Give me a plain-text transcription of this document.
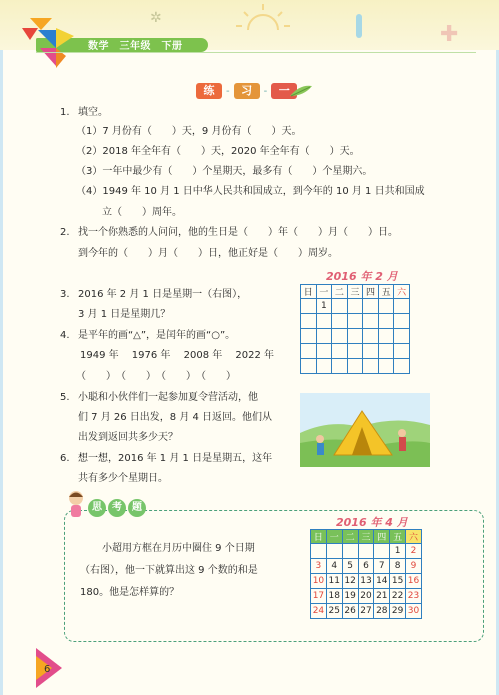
✲
✚
数学　三年级　下册
练	-	习	-	一
1. 填空。
（1）7 月份有（　　）天，9 月份有（　　）天。
（2）2018 年全年有（　　）天，2020 年全年有（　　）天。
（3）一年中最少有（　　）个星期天，最多有（　　）个星期六。
（4）1949 年 10 月 1 日中华人民共和国成立，到今年的 10 月 1 日共和国成
立（　　）周年。
2. 找一个你熟悉的人问问，他的生日是（　　）年（　　）月（　　）日。
到今年的（　　）月（　　）日，他正好是（　　）周岁。
3. 2016 年 2 月 1 日是星期一（右图），
3 月 1 日是星期几？
4. 是平年的画“△”，是闰年的画“○”。
1949 年　 1976 年　 2008 年　 2022 年
（　　）　（　　）　（　　）　（　　）
5. 小聪和小伙伴们一起参加夏令营活动，他
们 7 月 26 日出发，8 月 4 日返回。他们从
出发到返回共多少天？
6. 想一想，2016 年 1 月 1 日是星期五，这年
共有多少个星期日。
2016 年 2 月
日	一	二	三	四	五	六
	1					

思	考	题
小超用方框在月历中圈住 9 个日期
（右图），他一下就算出这 9 个数的和是
180。他是怎样算的？
2016 年 4 月
日	一	二	三	四	五	六
					1	2
3	4	5	6	7	8	9
10	11	12	13	14	15	16
17	18	19	20	21	22	23
24	25	26	27	28	29	30
6
